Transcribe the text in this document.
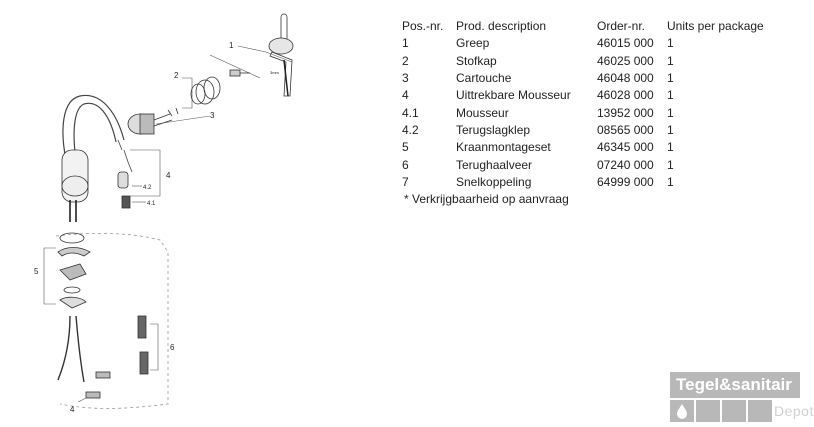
1
2
3
4
4.2
4.1
5
6
4
3mm
Pos.-nr.	Prod. description	Order-nr.	Units per package
1	Greep	46015 000	1
2	Stofkap	46025 000	1
3	Cartouche	46048 000	1
4	Uittrekbare Mousseur	46028 000	1
4.1	Mousseur	13952 000	1
4.2	Terugslagklep	08565 000	1
5	Kraanmontageset	46345 000	1
6	Terughaalveer	07240 000	1
7	Snelkoppeling	64999 000	1
* Verkrijgbaarheid op aanvraag
Tegel&sanitair
Depot
